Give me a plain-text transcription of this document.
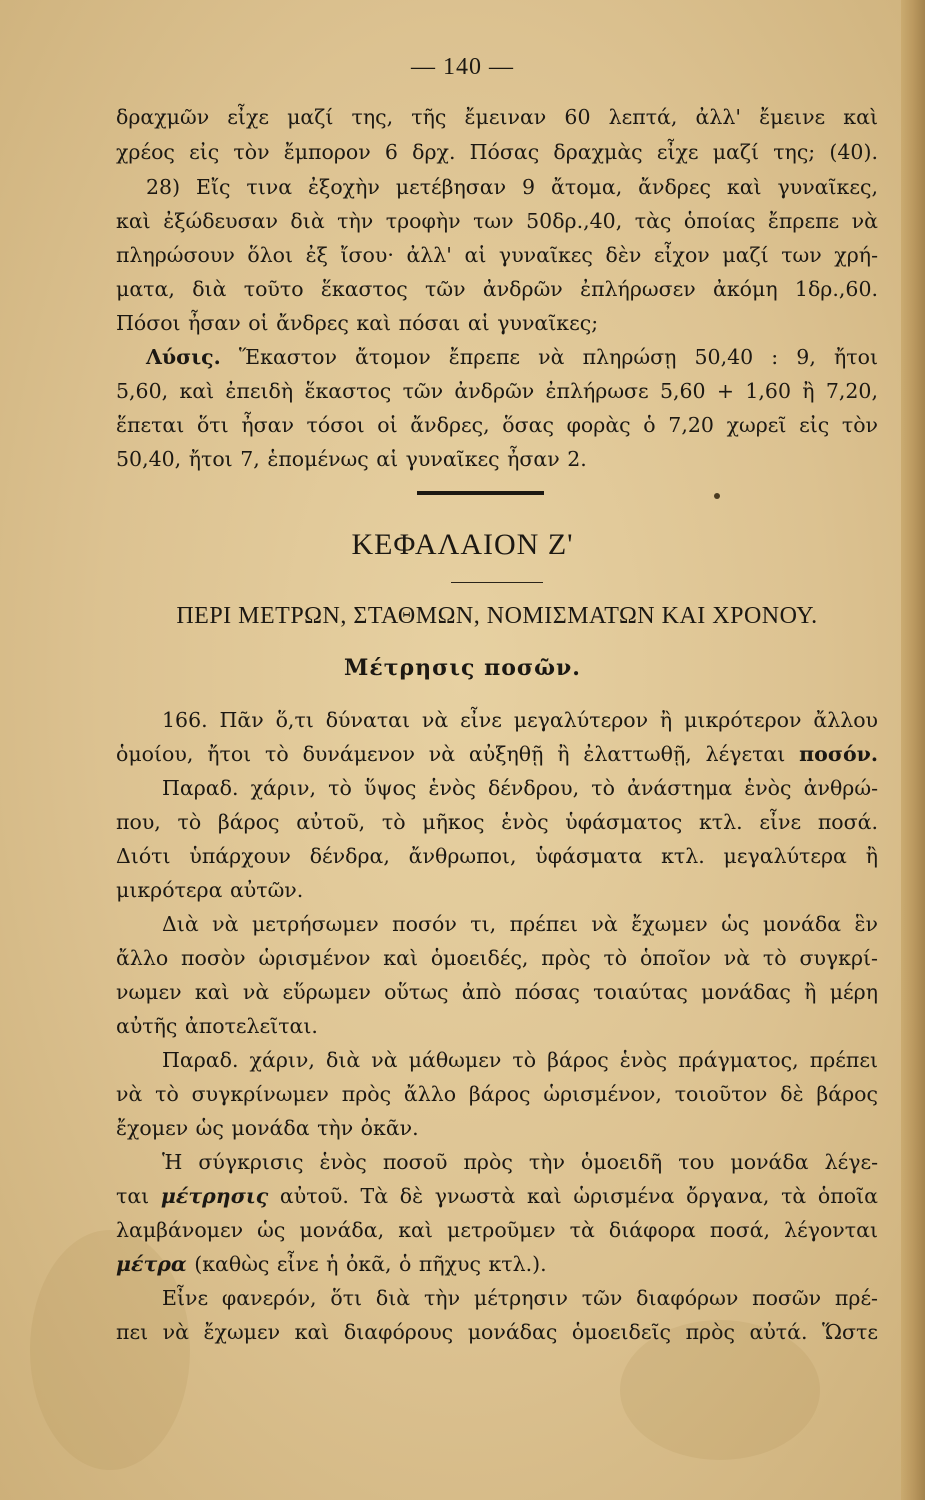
— 140 —
δραχμῶν εἶχε μαζί της, τῆς ἔμειναν 60 λεπτά, ἀλλ' ἔμεινε καὶ
χρέος εἰς τὸν ἔμπορον 6 δρχ. Πόσας δραχμὰς εἶχε μαζί της; (40).
28) Εἴς τινα ἐξοχὴν μετέβησαν 9 ἄτομα, ἄνδρες καὶ γυναῖκες,
καὶ ἐξώδευσαν διὰ τὴν τροφὴν των 50δρ.,40, τὰς ὁποίας ἔπρεπε νὰ
πληρώσουν ὅλοι ἐξ ἴσου· ἀλλ' αἱ γυναῖκες δὲν εἶχον μαζί των χρή-
ματα, διὰ τοῦτο ἕκαστος τῶν ἀνδρῶν ἐπλήρωσεν ἀκόμη 1δρ.,60.
Πόσοι ἦσαν οἱ ἄνδρες καὶ πόσαι αἱ γυναῖκες;
Λύσις. Ἕκαστον ἄτομον ἔπρεπε νὰ πληρώσῃ 50,40 : 9, ἤτοι
5,60, καὶ ἐπειδὴ ἕκαστος τῶν ἀνδρῶν ἐπλήρωσε 5,60 + 1,60 ἢ 7,20,
ἕπεται ὅτι ἦσαν τόσοι οἱ ἄνδρες, ὅσας φορὰς ὁ 7,20 χωρεῖ εἰς τὸν
50,40, ἤτοι 7, ἑπομένως αἱ γυναῖκες ἦσαν 2.
ΚΕΦΑΛΑΙΟΝ Ζ'
ΠΕΡΙ ΜΕΤΡΩΝ, ΣΤΑΘΜΩΝ, ΝΟΜΙΣΜΑΤΩΝ ΚΑΙ ΧΡΟΝΟΥ.
Μέτρησις ποσῶν.
166. Πᾶν ὅ,τι δύναται νὰ εἶνε μεγαλύτερον ἢ μικρότερον ἄλλου
ὁμοίου, ἤτοι τὸ δυνάμενον νὰ αὐξηθῇ ἢ ἐλαττωθῇ, λέγεται ποσόν.
Παραδ. χάριν, τὸ ὕψος ἑνὸς δένδρου, τὸ ἀνάστημα ἑνὸς ἀνθρώ-
που, τὸ βάρος αὐτοῦ, τὸ μῆκος ἑνὸς ὑφάσματος κτλ. εἶνε ποσά.
Διότι ὑπάρχουν δένδρα, ἄνθρωποι, ὑφάσματα κτλ. μεγαλύτερα ἢ
μικρότερα αὐτῶν.
Διὰ νὰ μετρήσωμεν ποσόν τι, πρέπει νὰ ἔχωμεν ὡς μονάδα ἓν
ἄλλο ποσὸν ὡρισμένον καὶ ὁμοειδές, πρὸς τὸ ὁποῖον νὰ τὸ συγκρί-
νωμεν καὶ νὰ εὕρωμεν οὕτως ἀπὸ πόσας τοιαύτας μονάδας ἢ μέρη
αὐτῆς ἀποτελεῖται.
Παραδ. χάριν, διὰ νὰ μάθωμεν τὸ βάρος ἑνὸς πράγματος, πρέπει
νὰ τὸ συγκρίνωμεν πρὸς ἄλλο βάρος ὡρισμένον, τοιοῦτον δὲ βάρος
ἔχομεν ὡς μονάδα τὴν ὀκᾶν.
Ἡ σύγκρισις ἑνὸς ποσοῦ πρὸς τὴν ὁμοειδῆ του μονάδα λέγε-
ται μέτρησις αὐτοῦ. Τὰ δὲ γνωστὰ καὶ ὡρισμένα ὄργανα, τὰ ὁποῖα
λαμβάνομεν ὡς μονάδα, καὶ μετροῦμεν τὰ διάφορα ποσά, λέγονται
μέτρα (καθὼς εἶνε ἡ ὀκᾶ, ὁ πῆχυς κτλ.).
Εἶνε φανερόν, ὅτι διὰ τὴν μέτρησιν τῶν διαφόρων ποσῶν πρέ-
πει νὰ ἔχωμεν καὶ διαφόρους μονάδας ὁμοειδεῖς πρὸς αὐτά. Ὥστε
